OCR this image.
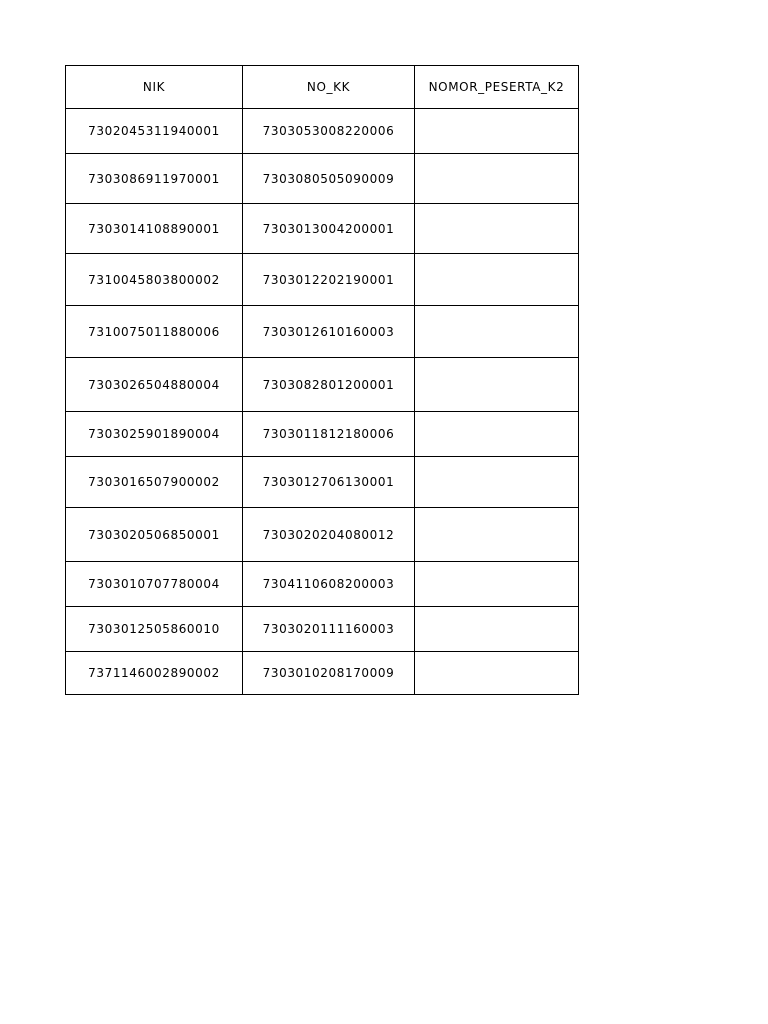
NIK	NO_KK	NOMOR_PESERTA_K2
7302045311940001	7303053008220006	
7303086911970001	7303080505090009	
7303014108890001	7303013004200001	
7310045803800002	7303012202190001	
7310075011880006	7303012610160003	
7303026504880004	7303082801200001	
7303025901890004	7303011812180006	
7303016507900002	7303012706130001	
7303020506850001	7303020204080012	
7303010707780004	7304110608200003	
7303012505860010	7303020111160003	
7371146002890002	7303010208170009	
